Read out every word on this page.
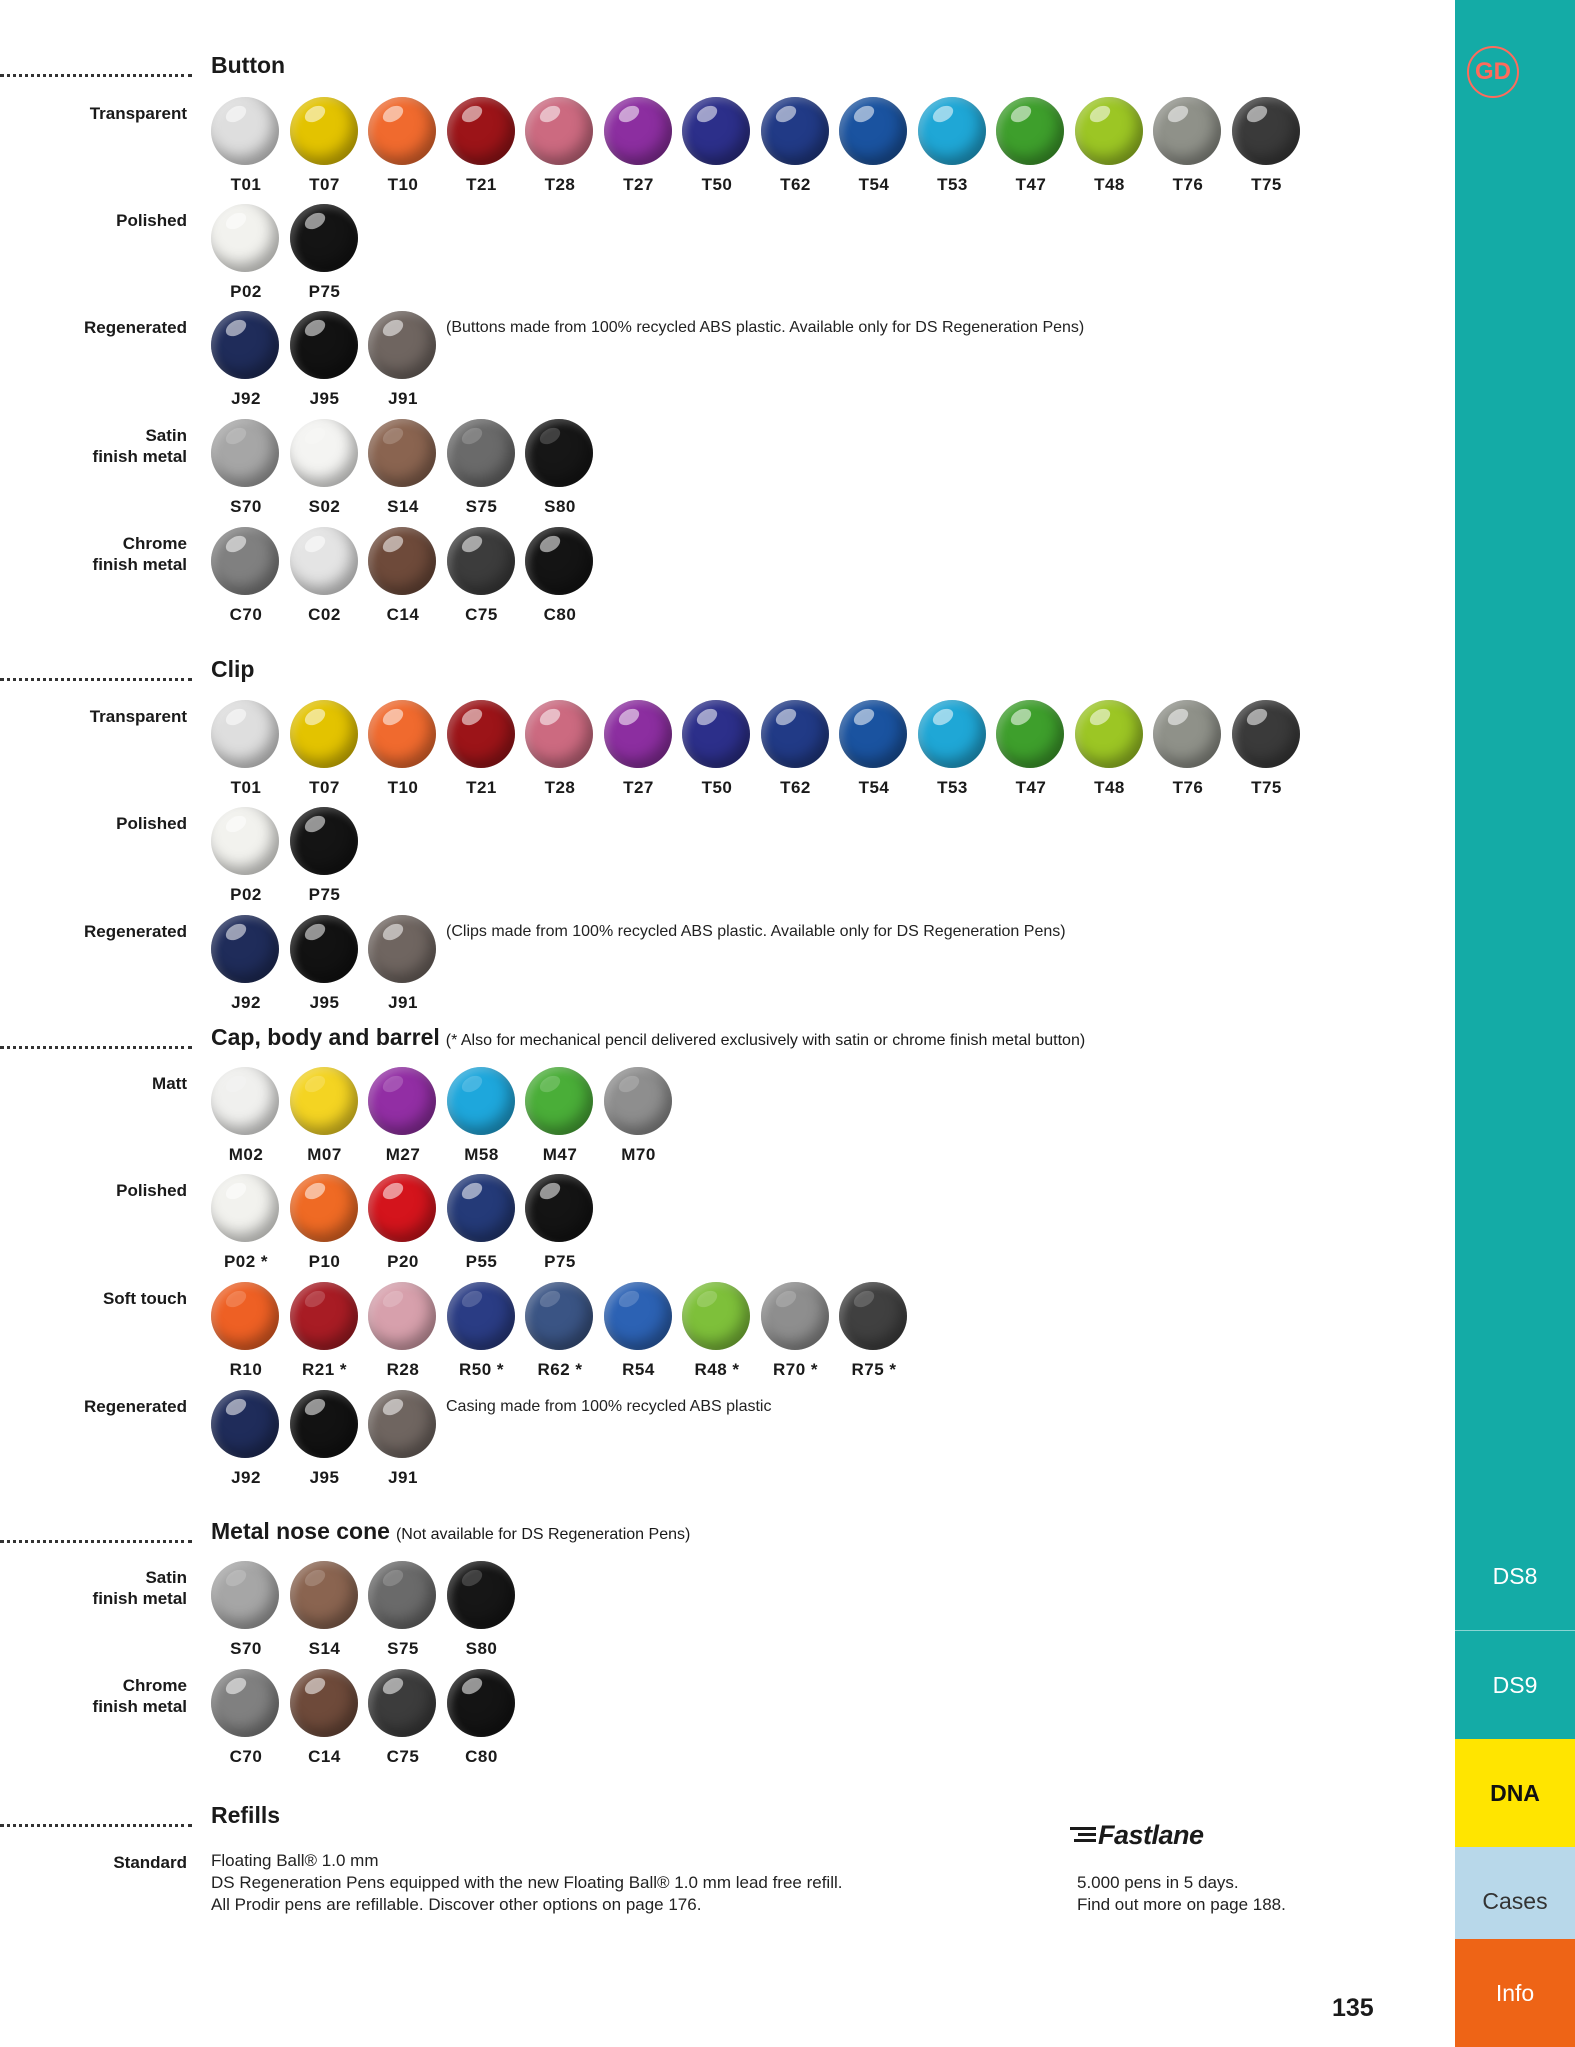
Button
Transparent
T01	T07	T10	T21	T28	T27	T50	T62	T54	T53	T47	T48	T76	T75
Polished
P02	P75
Regenerated
J92	J95	J91
(Buttons made from 100% recycled ABS plastic. Available only for DS Regeneration Pens)
Satin
finish metal
S70	S02	S14	S75	S80
Chrome
finish metal
C70	C02	C14	C75	C80
Clip
Transparent
T01	T07	T10	T21	T28	T27	T50	T62	T54	T53	T47	T48	T76	T75
Polished
P02	P75
Regenerated
J92	J95	J91
(Clips made from 100% recycled ABS plastic. Available only for DS Regeneration Pens)
Cap, body and barrel (* Also for mechanical pencil delivered exclusively with satin or chrome finish metal button)
Matt
M02	M07	M27	M58	M47	M70
Polished
P02 *	P10	P20	P55	P75
Soft touch
R10	R21 *	R28	R50 *	R62 *	R54	R48 *	R70 *	R75 *
Regenerated
J92	J95	J91
Casing made from 100% recycled ABS plastic
Metal nose cone (Not available for DS Regeneration Pens)
Satin
finish metal
S70	S14	S75	S80
Chrome
finish metal
C70	C14	C75	C80
Refills
Standard Floating Ball® 1.0 mm
DS Regeneration Pens equipped with the new Floating Ball® 1.0 mm lead free refill.
All Prodir pens are refillable. Discover other options on page 176.
Fastlane
5.000 pens in 5 days.
Find out more on page 188.
135
GD
DS8
DS9
DNA
Cases
Info
